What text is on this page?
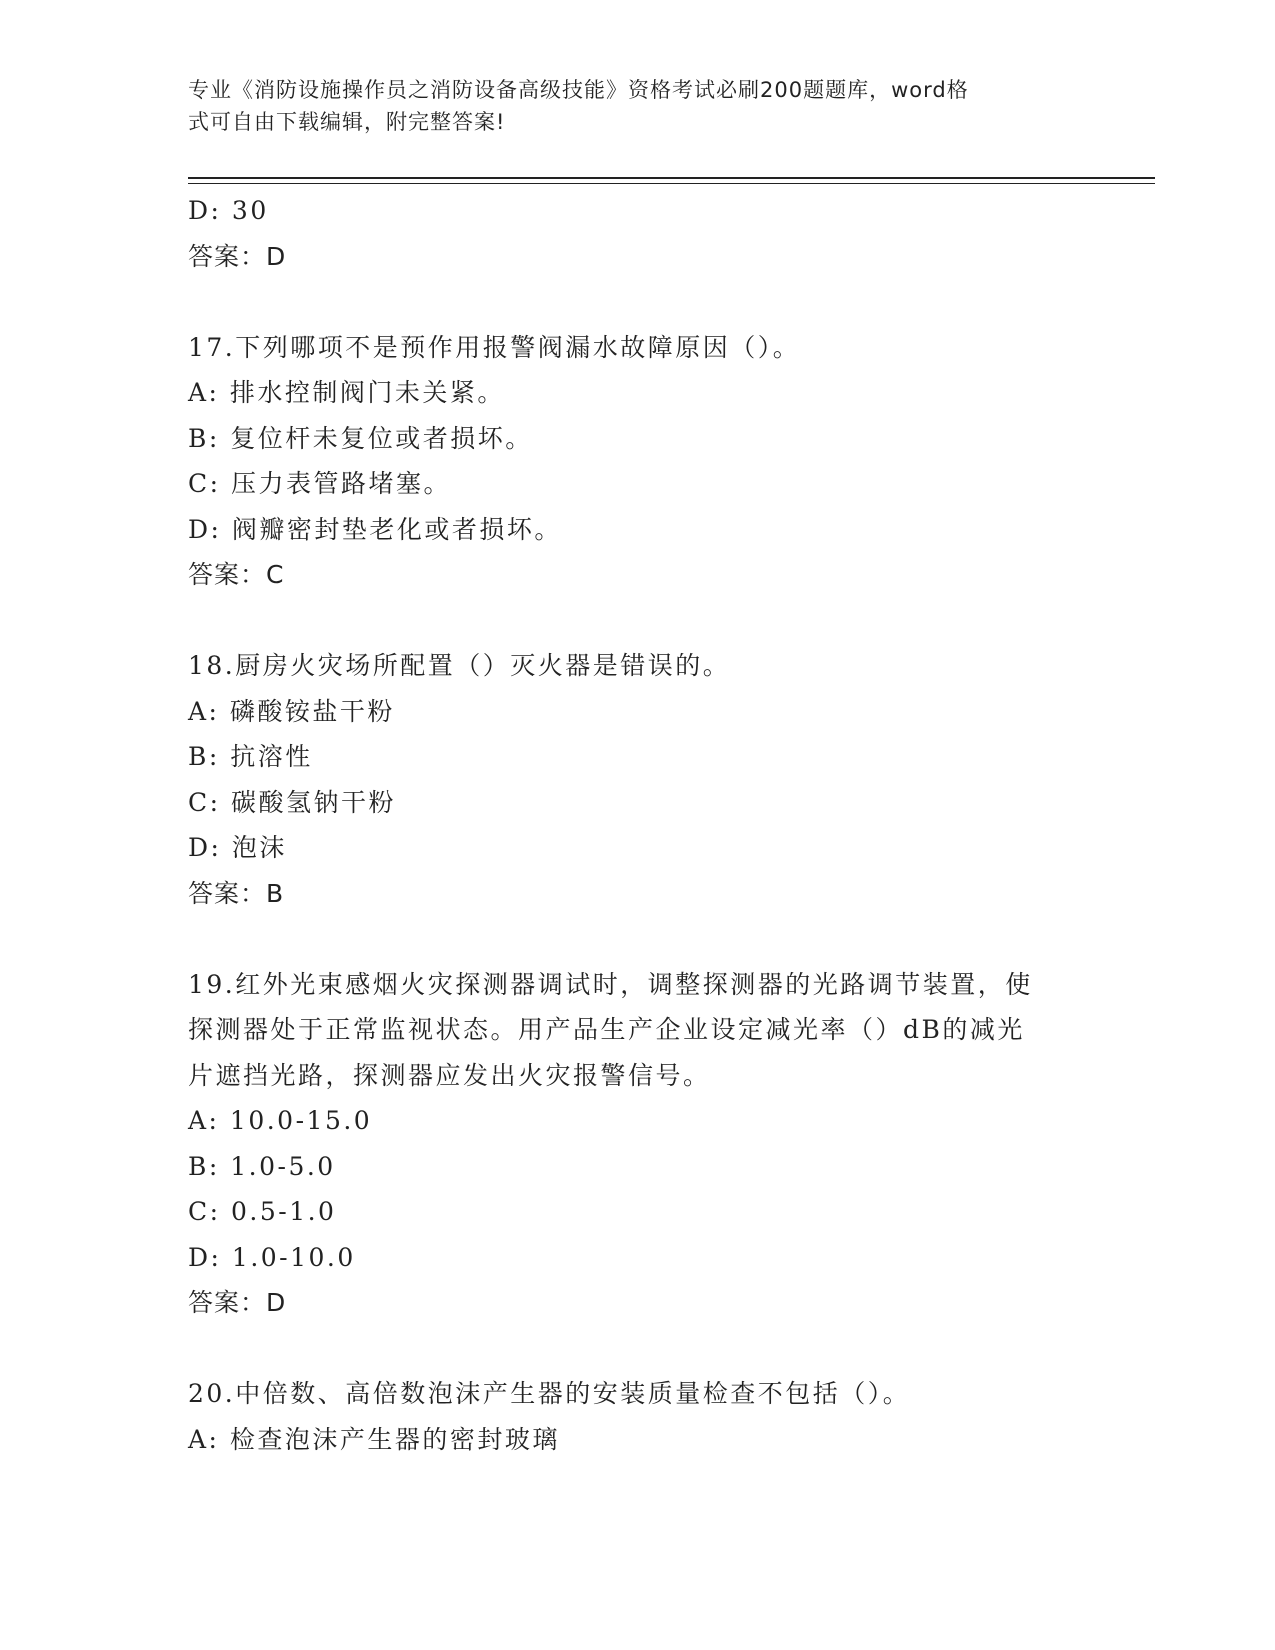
专业《消防设施操作员之消防设备高级技能》资格考试必刷200题题库，word格
式可自由下载编辑，附完整答案!
D: 30
答案：D
17.下列哪项不是预作用报警阀漏水故障原因（）。
A: 排水控制阀门未关紧。
B: 复位杆未复位或者损坏。
C: 压力表管路堵塞。
D: 阀瓣密封垫老化或者损坏。
答案：C
18.厨房火灾场所配置（）灭火器是错误的。
A: 磷酸铵盐干粉
B: 抗溶性
C: 碳酸氢钠干粉
D: 泡沫
答案：B
19.红外光束感烟火灾探测器调试时，调整探测器的光路调节装置，使
探测器处于正常监视状态。用产品生产企业设定减光率（）dB的减光
片遮挡光路，探测器应发出火灾报警信号。
A: 10.0-15.0
B: 1.0-5.0
C: 0.5-1.0
D: 1.0-10.0
答案：D
20.中倍数、高倍数泡沫产生器的安装质量检查不包括（）。
A: 检查泡沫产生器的密封玻璃
